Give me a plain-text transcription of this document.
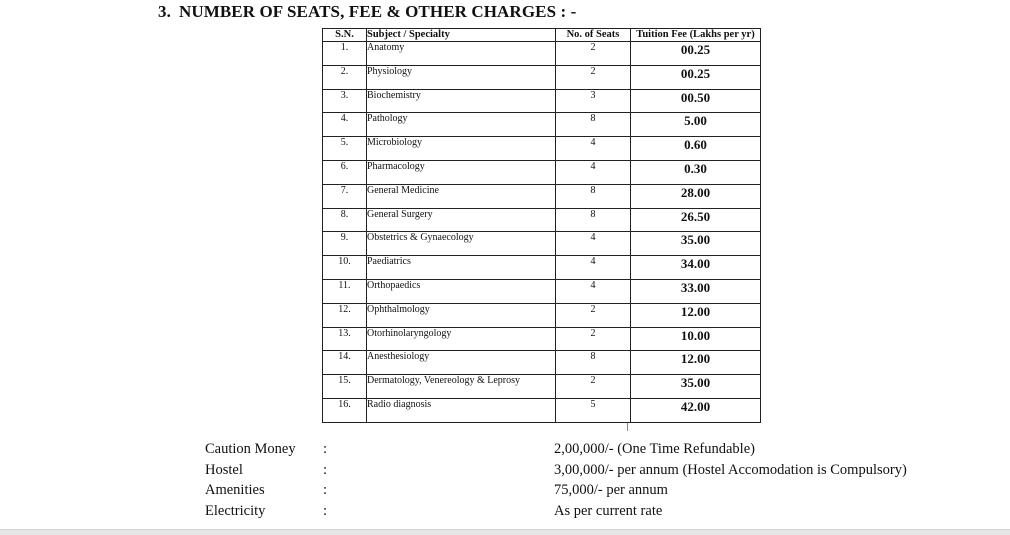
3. NUMBER OF SEATS, FEE & OTHER CHARGES : -
S.N.	Subject / Specialty	No. of Seats	Tuition Fee (Lakhs per yr)
1.	Anatomy	2	00.25
2.	Physiology	2	00.25
3.	Biochemistry	3	00.50
4.	Pathology	8	5.00
5.	Microbiology	4	0.60
6.	Pharmacology	4	0.30
7.	General Medicine	8	28.00
8.	General Surgery	8	26.50
9.	Obstetrics & Gynaecology	4	35.00
10.	Paediatrics	4	34.00
11.	Orthopaedics	4	33.00
12.	Ophthalmology	2	12.00
13.	Otorhinolaryngology	2	10.00
14.	Anesthesiology	8	12.00
15.	Dermatology, Venereology & Leprosy	2	35.00
16.	Radio diagnosis	5	42.00
Caution Money :	2,00,000/- (One Time Refundable)
Hostel	:	3,00,000/- per annum (Hostel Accomodation is Compulsory)
Amenities	:	75,000/- per annum
Electricity	:	As per current rate
